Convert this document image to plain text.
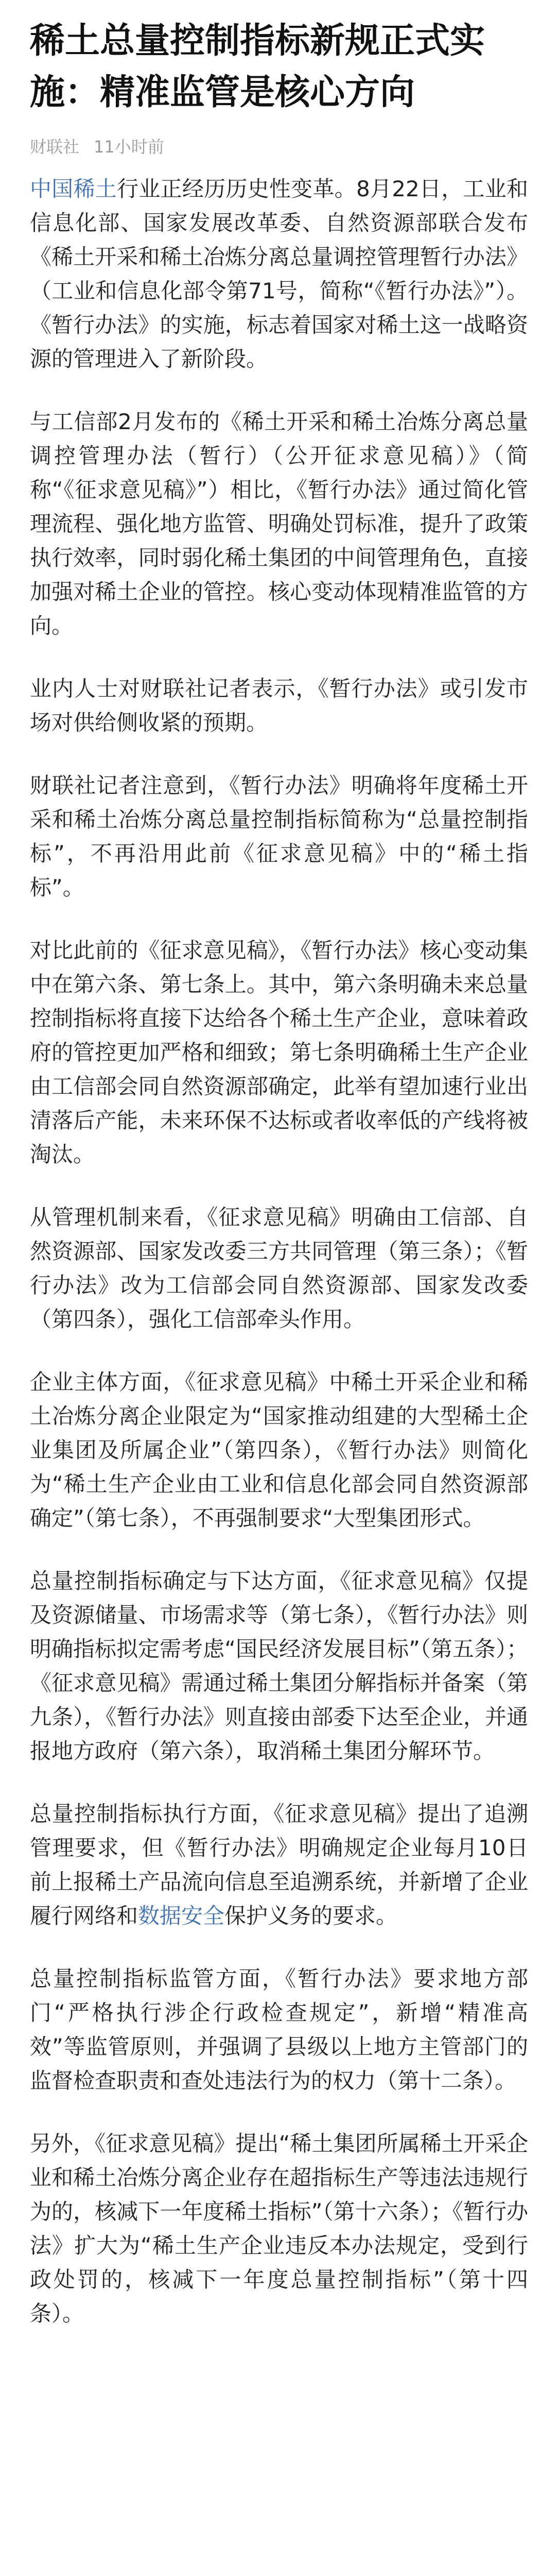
稀土总量控制指标新规正式实施：精准监管是核心方向
财联社 11小时前

中国稀土行业正经历历史性变革。8月22日，工业和信息化部、国家发展改革委、自然资源部联合发布《稀土开采和稀土冶炼分离总量调控管理暂行办法》（工业和信息化部令第71号，简称“《暂行办法》”）。《暂行办法》的实施，标志着国家对稀土这一战略资源的管理进入了新阶段。

与工信部2月发布的《稀土开采和稀土冶炼分离总量调控管理办法（暂行）（公开征求意见稿）》（简称“《征求意见稿》”）相比，《暂行办法》通过简化管理流程、强化地方监管、明确处罚标准，提升了政策执行效率，同时弱化稀土集团的中间管理角色，直接加强对稀土企业的管控。核心变动体现精准监管的方向。

业内人士对财联社记者表示，《暂行办法》或引发市场对供给侧收紧的预期。

财联社记者注意到，《暂行办法》明确将年度稀土开采和稀土冶炼分离总量控制指标简称为“总量控制指标”，不再沿用此前《征求意见稿》中的“稀土指标”。

对比此前的《征求意见稿》，《暂行办法》核心变动集中在第六条、第七条上。其中，第六条明确未来总量控制指标将直接下达给各个稀土生产企业，意味着政府的管控更加严格和细致；第七条明确稀土生产企业由工信部会同自然资源部确定，此举有望加速行业出清落后产能，未来环保不达标或者收率低的产线将被淘汰。

从管理机制来看，《征求意见稿》明确由工信部、自然资源部、国家发改委三方共同管理（第三条）；《暂行办法》改为工信部会同自然资源部、国家发改委（第四条），强化工信部牵头作用。

企业主体方面，《征求意见稿》中稀土开采企业和稀土冶炼分离企业限定为“国家推动组建的大型稀土企业集团及所属企业”（第四条），《暂行办法》则简化为“稀土生产企业由工业和信息化部会同自然资源部确定”（第七条），不再强制要求“大型集团形式。

总量控制指标确定与下达方面，《征求意见稿》仅提及资源储量、市场需求等（第七条），《暂行办法》则明确指标拟定需考虑“国民经济发展目标”（第五条）；《征求意见稿》需通过稀土集团分解指标并备案（第九条），《暂行办法》则直接由部委下达至企业，并通报地方政府（第六条），取消稀土集团分解环节。

总量控制指标执行方面，《征求意见稿》提出了追溯管理要求，但《暂行办法》明确规定企业每月10日前上报稀土产品流向信息至追溯系统，并新增了企业履行网络和数据安全保护义务的要求。

总量控制指标监管方面，《暂行办法》要求地方部门“严格执行涉企行政检查规定”，新增“精准高效”等监管原则，并强调了县级以上地方主管部门的监督检查职责和查处违法行为的权力（第十二条）。

另外，《征求意见稿》提出“稀土集团所属稀土开采企业和稀土冶炼分离企业存在超指标生产等违法违规行为的，核减下一年度稀土指标”（第十六条）；《暂行办法》扩大为“稀土生产企业违反本办法规定，受到行政处罚的，核减下一年度总量控制指标”（第十四条）。
